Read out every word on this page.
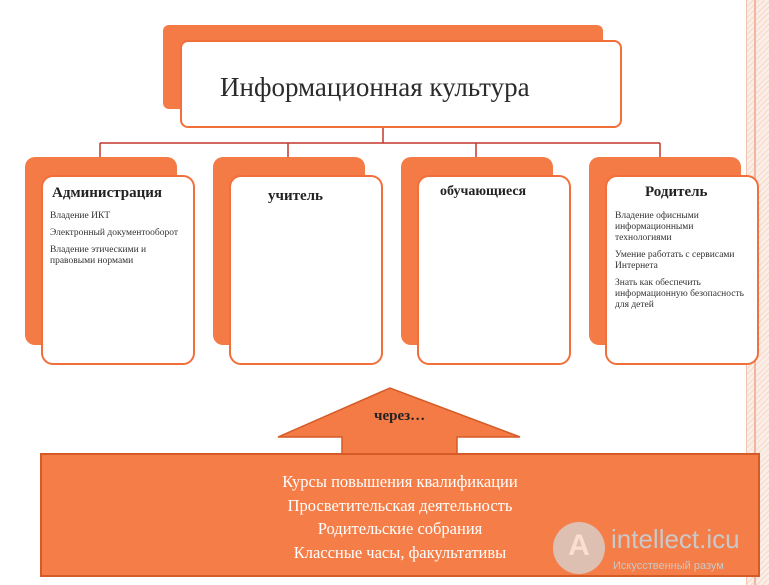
Информационная культура
Администрация
Владение ИКТ
Электронный документооборот
Владение этическими и правовыми нормами
учитель	обучающиеся	Родитель
Владение офисными информационными технологиями
Умение работать с сервисами Интернета
Знать как обеспечить информационную безопасность для детей
через…
Курсы повышения квалификации
Просветительская деятельность
Родительские собрания
Классные часы, факультативы	A intellect.icu
Искусственный разум
